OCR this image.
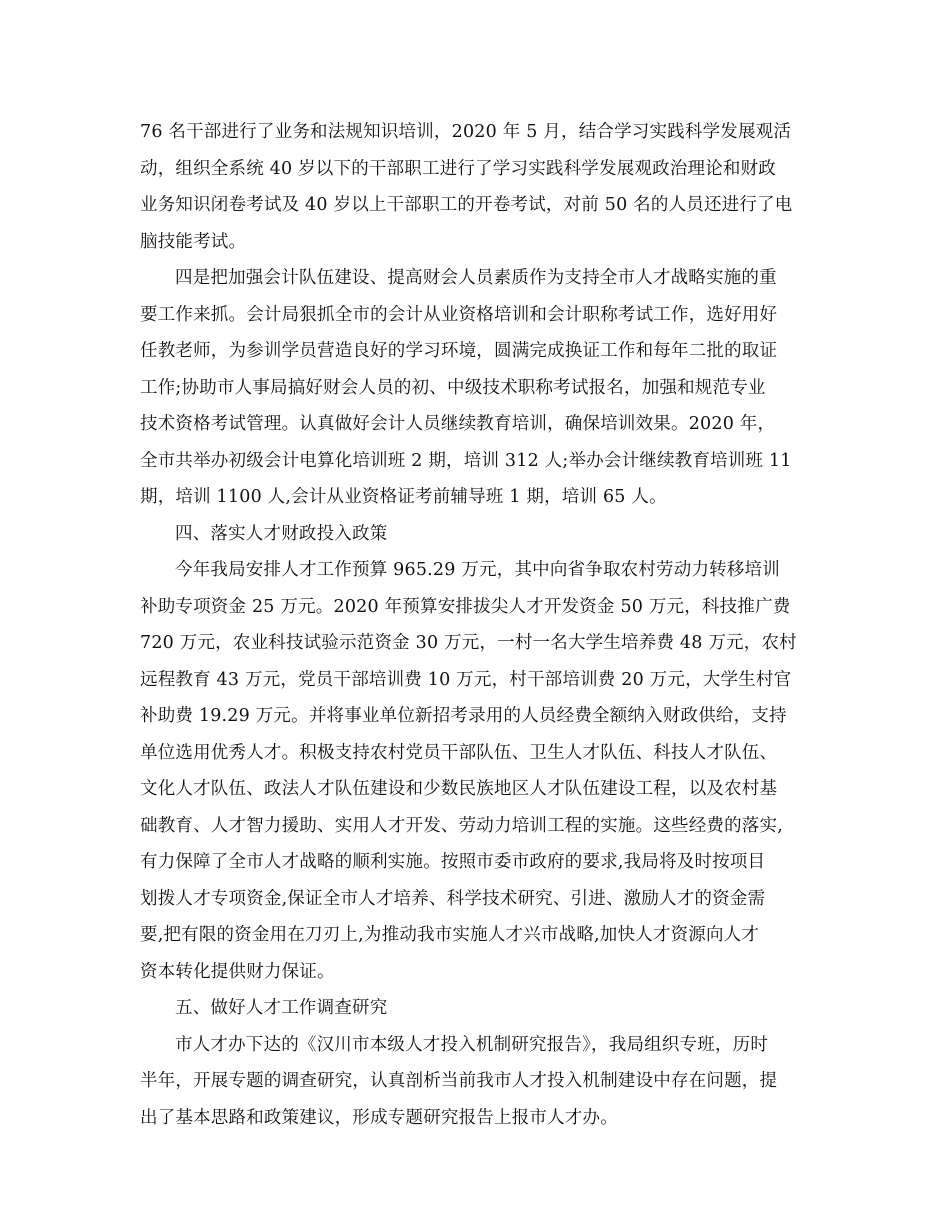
76 名干部进行了业务和法规知识培训，2020 年 5 月，结合学习实践科学发展观活
动，组织全系统 40 岁以下的干部职工进行了学习实践科学发展观政治理论和财政
业务知识闭卷考试及 40 岁以上干部职工的开卷考试，对前 50 名的人员还进行了电
脑技能考试。
四是把加强会计队伍建设、提高财会人员素质作为支持全市人才战略实施的重
要工作来抓。会计局狠抓全市的会计从业资格培训和会计职称考试工作，选好用好
任教老师，为参训学员营造良好的学习环境，圆满完成换证工作和每年二批的取证
工作;协助市人事局搞好财会人员的初、中级技术职称考试报名，加强和规范专业
技术资格考试管理。认真做好会计人员继续教育培训，确保培训效果。2020 年，
全市共举办初级会计电算化培训班 2 期，培训 312 人;举办会计继续教育培训班 11
期，培训 1100 人,会计从业资格证考前辅导班 1 期，培训 65 人。
四、落实人才财政投入政策
今年我局安排人才工作预算 965.29 万元，其中向省争取农村劳动力转移培训
补助专项资金 25 万元。2020 年预算安排拔尖人才开发资金 50 万元，科技推广费
720 万元，农业科技试验示范资金 30 万元，一村一名大学生培养费 48 万元，农村
远程教育 43 万元，党员干部培训费 10 万元，村干部培训费 20 万元，大学生村官
补助费 19.29 万元。并将事业单位新招考录用的人员经费全额纳入财政供给，支持
单位选用优秀人才。积极支持农村党员干部队伍、卫生人才队伍、科技人才队伍、
文化人才队伍、政法人才队伍建设和少数民族地区人才队伍建设工程，以及农村基
础教育、人才智力援助、实用人才开发、劳动力培训工程的实施。这些经费的落实,
有力保障了全市人才战略的顺利实施。按照市委市政府的要求,我局将及时按项目
划拨人才专项资金,保证全市人才培养、科学技术研究、引进、激励人才的资金需
要,把有限的资金用在刀刃上,为推动我市实施人才兴市战略,加快人才资源向人才
资本转化提供财力保证。
五、做好人才工作调查研究
市人才办下达的《汉川市本级人才投入机制研究报告》，我局组织专班，历时
半年，开展专题的调查研究，认真剖析当前我市人才投入机制建设中存在问题，提
出了基本思路和政策建议，形成专题研究报告上报市人才办。
